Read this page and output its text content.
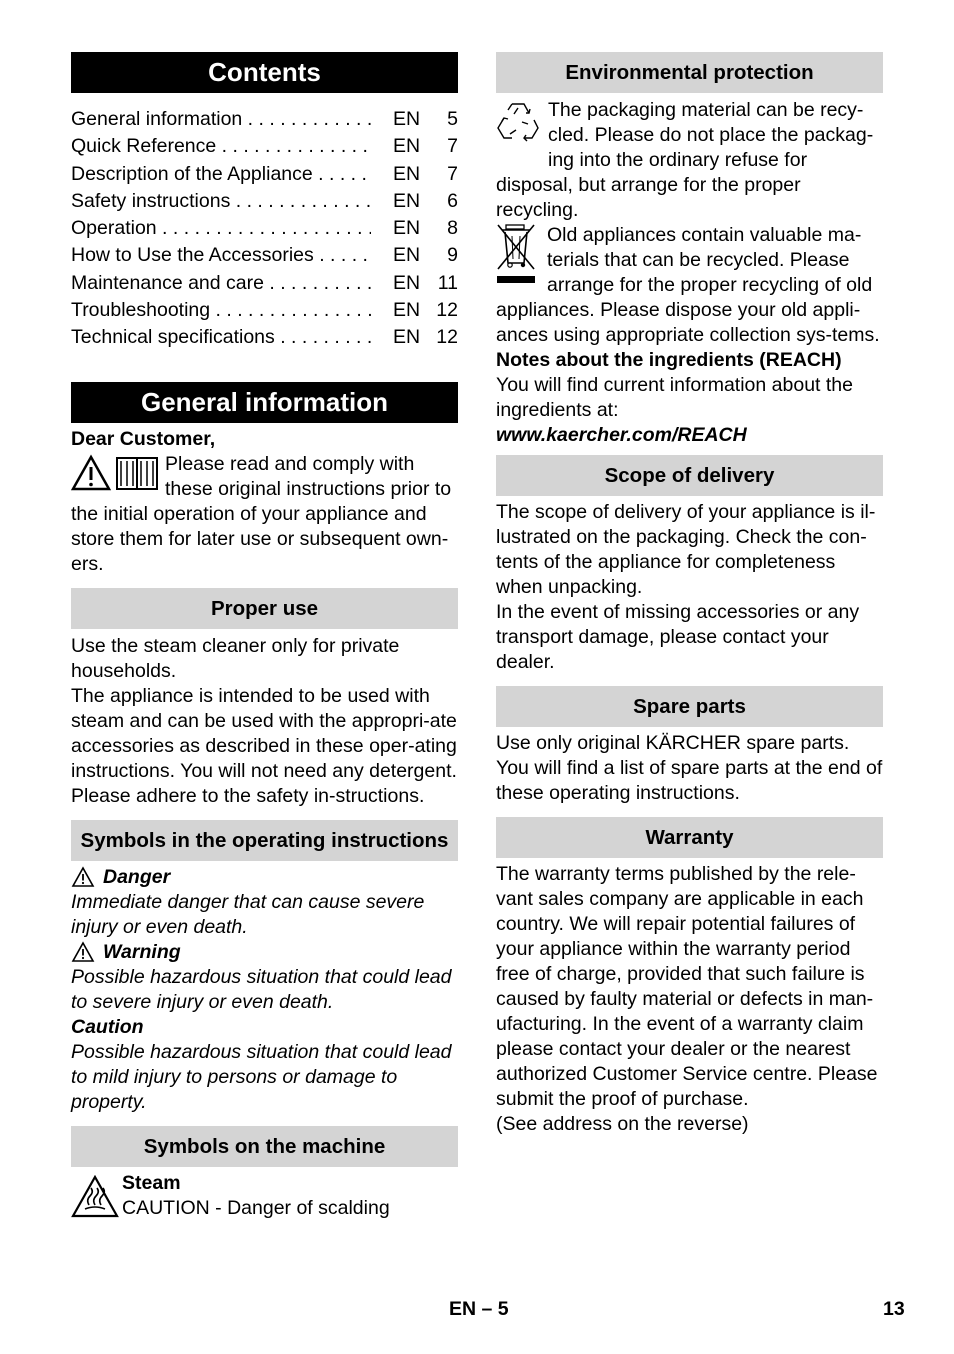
Contents
General information . . .	EN	5
Quick Reference . . .	EN	7
Description of the Appliance . . .	EN	7
Safety instructions . . .	EN	6
Operation . . .	EN	8
How to Use the Accessories . . .	EN	9
Maintenance and care . . .	EN 11
Troubleshooting . . .	EN 12
Technical specifications . . .	EN 12
General information

Dear Customer,

Please read and comply with these original instructions prior to the initial operation of your appliance and store them for later use or subsequent own-ers.

Proper use

Use the steam cleaner only for private households.

The appliance is intended to be used with steam and can be used with the appropri-ate accessories as described in these oper-ating instructions. You will not need any detergent. Please adhere to the safety in-structions.

Symbols in the operating instructions
Danger

Immediate danger that can cause severe injury or even death.

Warning

Possible hazardous situation that could lead to severe injury or even death.

Caution

Possible hazardous situation that could lead to mild injury to persons or damage to property.

Symbols on the machine

Steam

CAUTION - Danger of scalding

Environmental protection

The packaging material can be recy-cled. Please do not place the packag-ing into the ordinary refuse for disposal, but arrange for the proper recycling.

Old appliances contain valuable ma-terials that can be recycled. Please arrange for the proper recycling of old appliances. Please dispose your old appli-ances using appropriate collection sys-tems.

Notes about the ingredients (REACH)

You will find current information about the ingredients at:

www.kaercher.com/REACH

Scope of delivery

The scope of delivery of your appliance is il-lustrated on the packaging. Check the con-tents of the appliance for completeness when unpacking.

In the event of missing accessories or any transport damage, please contact your dealer.

Spare parts

Use only original KÄRCHER spare parts.

You will find a list of spare parts at the end of these operating instructions.

Warranty

The warranty terms published by the rele-vant sales company are applicable in each country. We will repair potential failures of your appliance within the warranty period free of charge, provided that such failure is caused by faulty material or defects in man-ufacturing. In the event of a warranty claim please contact your dealer or the nearest authorized Customer Service centre. Please submit the proof of purchase.

(See address on the reverse)

EN – 5	13
